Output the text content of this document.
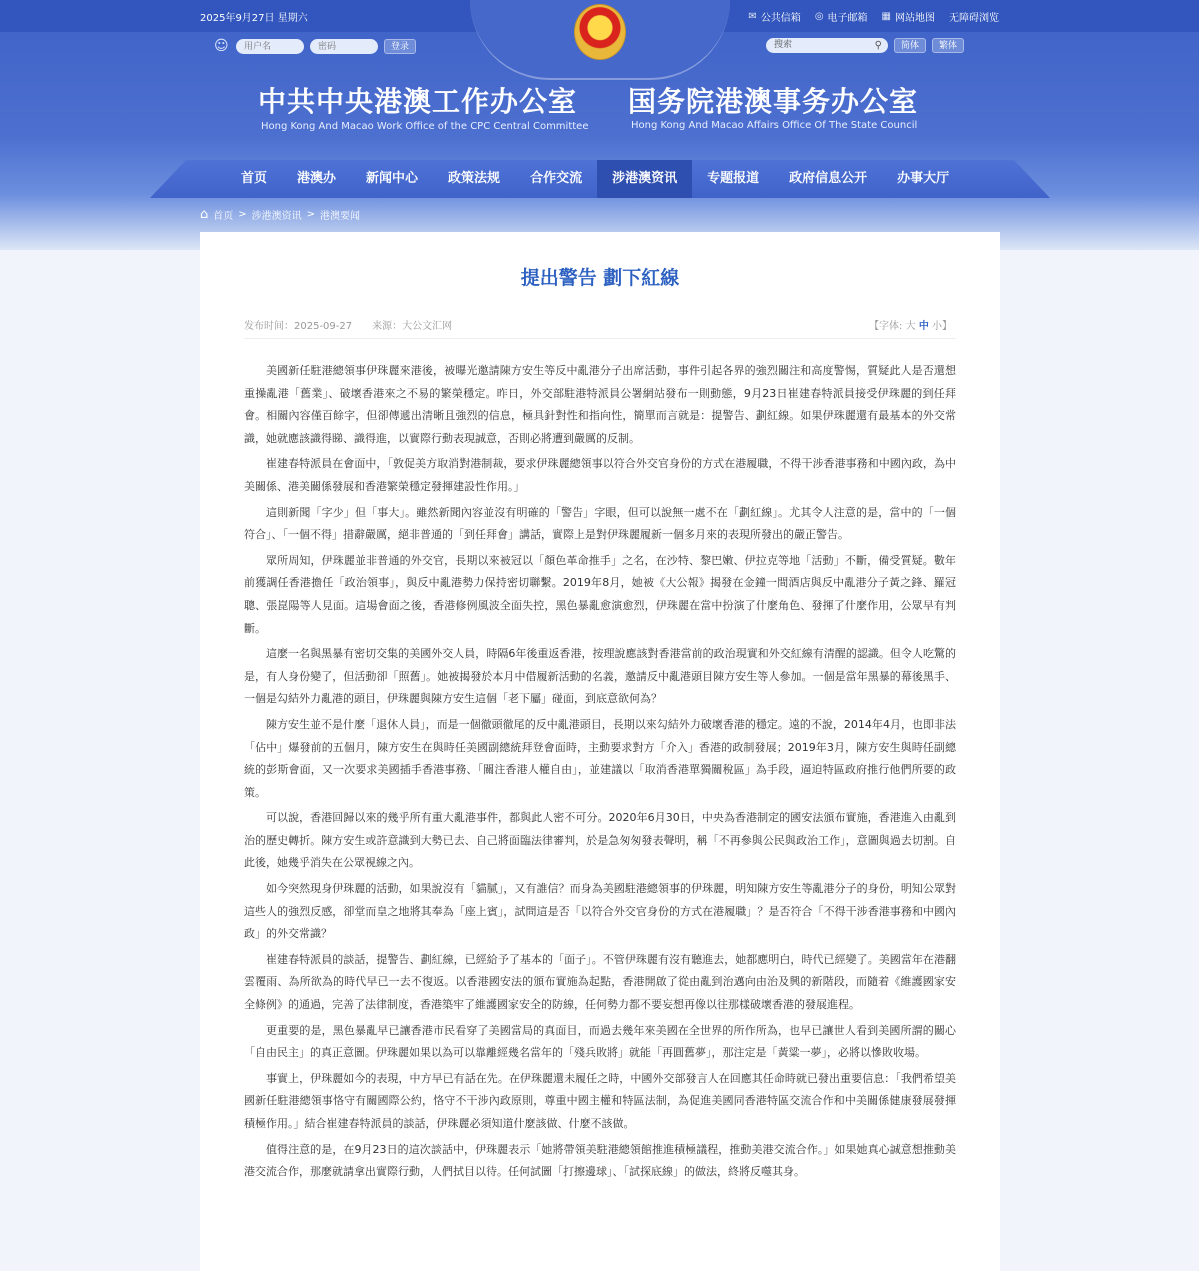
2025年9月27日 星期六	✉ 公共信箱 ◎ 电子邮箱 ▦ 网站地图 无障碍浏览
☺
用户名
密码	登录	搜索	⚲	简体	繁体
中共中央港澳工作办公室
Hong Kong And Macao Work Office of the CPC Central Committee
国务院港澳事务办公室
Hong Kong And Macao Affairs Office Of The State Council
首页	港澳办	新闻中心	政策法规	合作交流	涉港澳资讯	专题报道	政府信息公开	办事大厅
⌂ 首页 > 涉港澳资讯 > 港澳要闻
提出警告 劃下紅線
发布时间：2025-09-27 来源：大公文汇网	【字体: 大 中 小】

美國新任駐港總領事伊珠麗來港後，被曝光邀請陳方安生等反中亂港分子出席活動，事件引起各界的強烈關注和高度警惕，質疑此人是否還想重操亂港「舊業」、破壞香港來之不易的繁榮穩定。昨日，外交部駐港特派員公署網站發布一則動態，9月23日崔建春特派員接受伊珠麗的到任拜會。相關內容僅百餘字，但卻傳遞出清晰且強烈的信息，極具針對性和指向性，簡單而言就是：提警告、劃紅線。如果伊珠麗還有最基本的外交常識，她就應該識得睇、識得進，以實際行動表現誠意，否則必將遭到嚴厲的反制。

崔建春特派員在會面中，「敦促美方取消對港制裁，要求伊珠麗總領事以符合外交官身份的方式在港履職，不得干涉香港事務和中國內政，為中美關係、港美關係發展和香港繁榮穩定發揮建設性作用。」

這則新聞「字少」但「事大」。雖然新聞內容並沒有明確的「警告」字眼，但可以說無一處不在「劃紅線」。尤其令人注意的是，當中的「一個符合」、「一個不得」措辭嚴厲，絕非普通的「到任拜會」講話，實際上是對伊珠麗履新一個多月來的表現所發出的嚴正警告。

眾所周知，伊珠麗並非普通的外交官，長期以來被冠以「顏色革命推手」之名，在沙特、黎巴嫩、伊拉克等地「活動」不斷，備受質疑。數年前獲調任香港擔任「政治領事」，與反中亂港勢力保持密切聯繫。2019年8月，她被《大公報》揭發在金鐘一間酒店與反中亂港分子黃之鋒、羅冠聰、張崑陽等人見面。這場會面之後，香港修例風波全面失控，黑色暴亂愈演愈烈，伊珠麗在當中扮演了什麼角色、發揮了什麼作用，公眾早有判斷。

這麼一名與黑暴有密切交集的美國外交人員，時隔6年後重返香港，按理說應該對香港當前的政治現實和外交紅線有清醒的認識。但令人吃驚的是，有人身份變了，但活動卻「照舊」。她被揭發於本月中借履新活動的名義，邀請反中亂港頭目陳方安生等人參加。一個是當年黑暴的幕後黑手、一個是勾結外力亂港的頭目，伊珠麗與陳方安生這個「老下屬」碰面，到底意欲何為？

陳方安生並不是什麼「退休人員」，而是一個徹頭徹尾的反中亂港頭目，長期以來勾結外力破壞香港的穩定。遠的不說，2014年4月，也即非法「佔中」爆發前的五個月，陳方安生在與時任美國副總統拜登會面時，主動要求對方「介入」香港的政制發展；2019年3月，陳方安生與時任副總統的彭斯會面，又一次要求美國插手香港事務、「關注香港人權自由」，並建議以「取消香港單獨關稅區」為手段，逼迫特區政府推行他們所要的政策。

可以說，香港回歸以來的幾乎所有重大亂港事件，都與此人密不可分。2020年6月30日，中央為香港制定的國安法頒布實施，香港進入由亂到治的歷史轉折。陳方安生或許意識到大勢已去、自己將面臨法律審判，於是急匆匆發表聲明，稱「不再參與公民與政治工作」，意圖與過去切割。自此後，她幾乎消失在公眾視線之內。

如今突然現身伊珠麗的活動，如果說沒有「貓膩」，又有誰信？而身為美國駐港總領事的伊珠麗，明知陳方安生等亂港分子的身份，明知公眾對這些人的強烈反感，卻堂而皇之地將其奉為「座上賓」，試問這是否「以符合外交官身份的方式在港履職」？是否符合「不得干涉香港事務和中國內政」的外交常識？

崔建春特派員的談話，提警告、劃紅線，已經給予了基本的「面子」。不管伊珠麗有沒有聽進去，她都應明白，時代已經變了。美國當年在港翻雲覆雨、為所欲為的時代早已一去不復返。以香港國安法的頒布實施為起點，香港開啟了從由亂到治邁向由治及興的新階段，而隨着《維護國家安全條例》的通過，完善了法律制度，香港築牢了維護國家安全的防線，任何勢力都不要妄想再像以往那樣破壞香港的發展進程。

更重要的是，黑色暴亂早已讓香港市民看穿了美國當局的真面目，而過去幾年來美國在全世界的所作所為，也早已讓世人看到美國所謂的關心「自由民主」的真正意圖。伊珠麗如果以為可以靠離經幾名當年的「殘兵敗將」就能「再圓舊夢」，那注定是「黃粱一夢」，必將以慘敗收場。

事實上，伊珠麗如今的表現，中方早已有話在先。在伊珠麗還未履任之時，中國外交部發言人在回應其任命時就已發出重要信息：「我們希望美國新任駐港總領事恪守有關國際公約，恪守不干涉內政原則，尊重中國主權和特區法制，為促進美國同香港特區交流合作和中美關係健康發展發揮積極作用。」結合崔建春特派員的談話，伊珠麗必須知道什麼該做、什麼不該做。

值得注意的是，在9月23日的這次談話中，伊珠麗表示「她將帶領美駐港總領館推進積極議程，推動美港交流合作。」如果她真心誠意想推動美港交流合作，那麼就請拿出實際行動，人們拭目以待。任何試圖「打擦邊球」、「試探底線」的做法，終將反噬其身。
